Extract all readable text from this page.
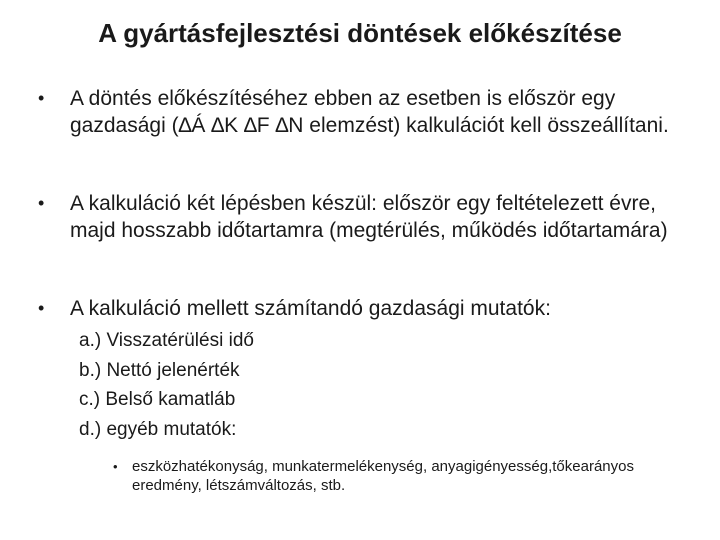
A gyártásfejlesztési döntések előkészítése
•	A döntés előkészítéséhez ebben az esetben is először egy gazdasági (∆Á ∆K ∆F ∆N elemzést) kalkulációt kell összeállítani.
•	A kalkuláció két lépésben készül: először egy feltételezett évre, majd hosszabb időtartamra (megtérülés, működés időtartamára)
•	A kalkuláció mellett számítandó gazdasági mutatók:
a.) Visszatérülési idő
b.) Nettó jelenérték
c.) Belső kamatláb
d.) egyéb mutatók:
• eszközhatékonyság, munkatermelékenység, anyagigényesség,tőkearányos eredmény, létszámváltozás, stb.
